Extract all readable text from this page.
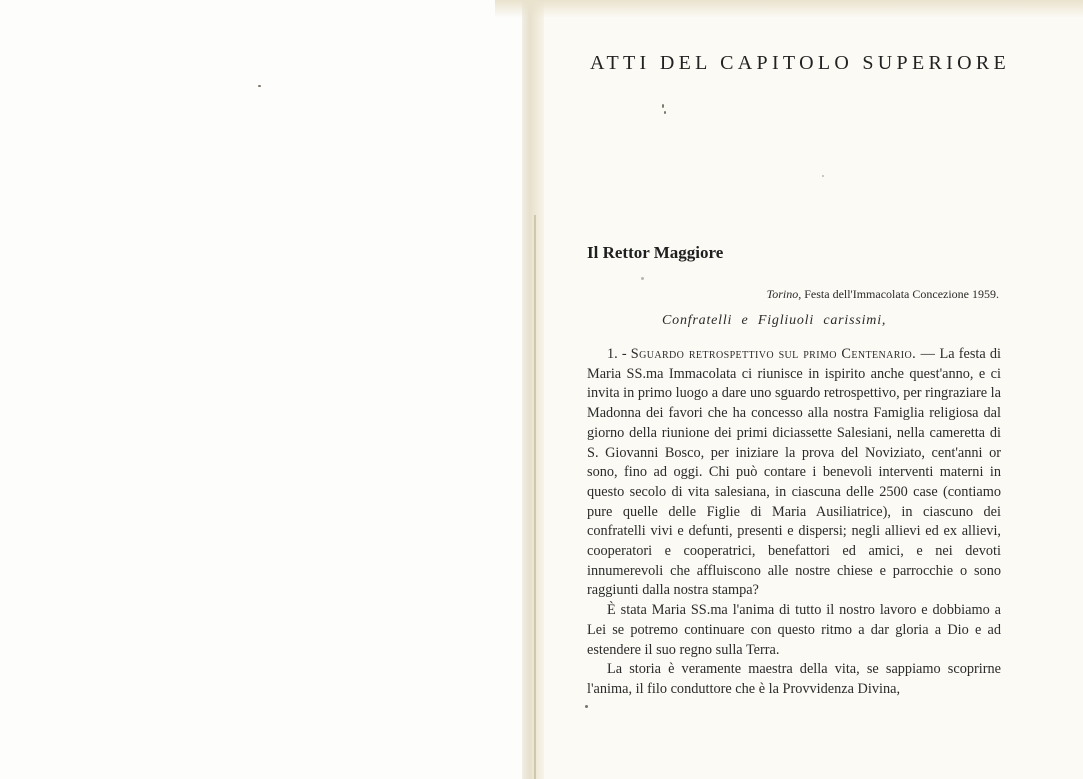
ATTI DEL CAPITOLO SUPERIORE
Il Rettor Maggiore
Torino, Festa dell'Immacolata Concezione 1959.
Confratelli e Figliuoli carissimi,

1. - Sguardo retrospettivo sul primo Centenario. — La festa di Maria SS.ma Immacolata ci riunisce in ispirito anche quest'anno, e ci invita in primo luogo a dare uno sguardo retrospettivo, per ringraziare la Madonna dei favori che ha concesso alla nostra Famiglia religiosa dal giorno della riunione dei primi diciassette Salesiani, nella cameretta di S. Giovanni Bosco, per iniziare la prova del Noviziato, cent'anni or sono, fino ad oggi. Chi può contare i benevoli interventi materni in questo secolo di vita salesiana, in ciascuna delle 2500 case (contiamo pure quelle delle Figlie di Maria Ausiliatrice), in ciascuno dei confratelli vivi e defunti, presenti e dispersi; negli allievi ed ex allievi, cooperatori e cooperatrici, benefattori ed amici, e nei devoti innumerevoli che affluiscono alle nostre chiese e parrocchie o sono raggiunti dalla nostra stampa?

È stata Maria SS.ma l'anima di tutto il nostro lavoro e dobbiamo a Lei se potremo continuare con questo ritmo a dar gloria a Dio e ad estendere il suo regno sulla Terra.

La storia è veramente maestra della vita, se sappiamo scoprirne l'anima, il filo conduttore che è la Provvidenza Divina,
